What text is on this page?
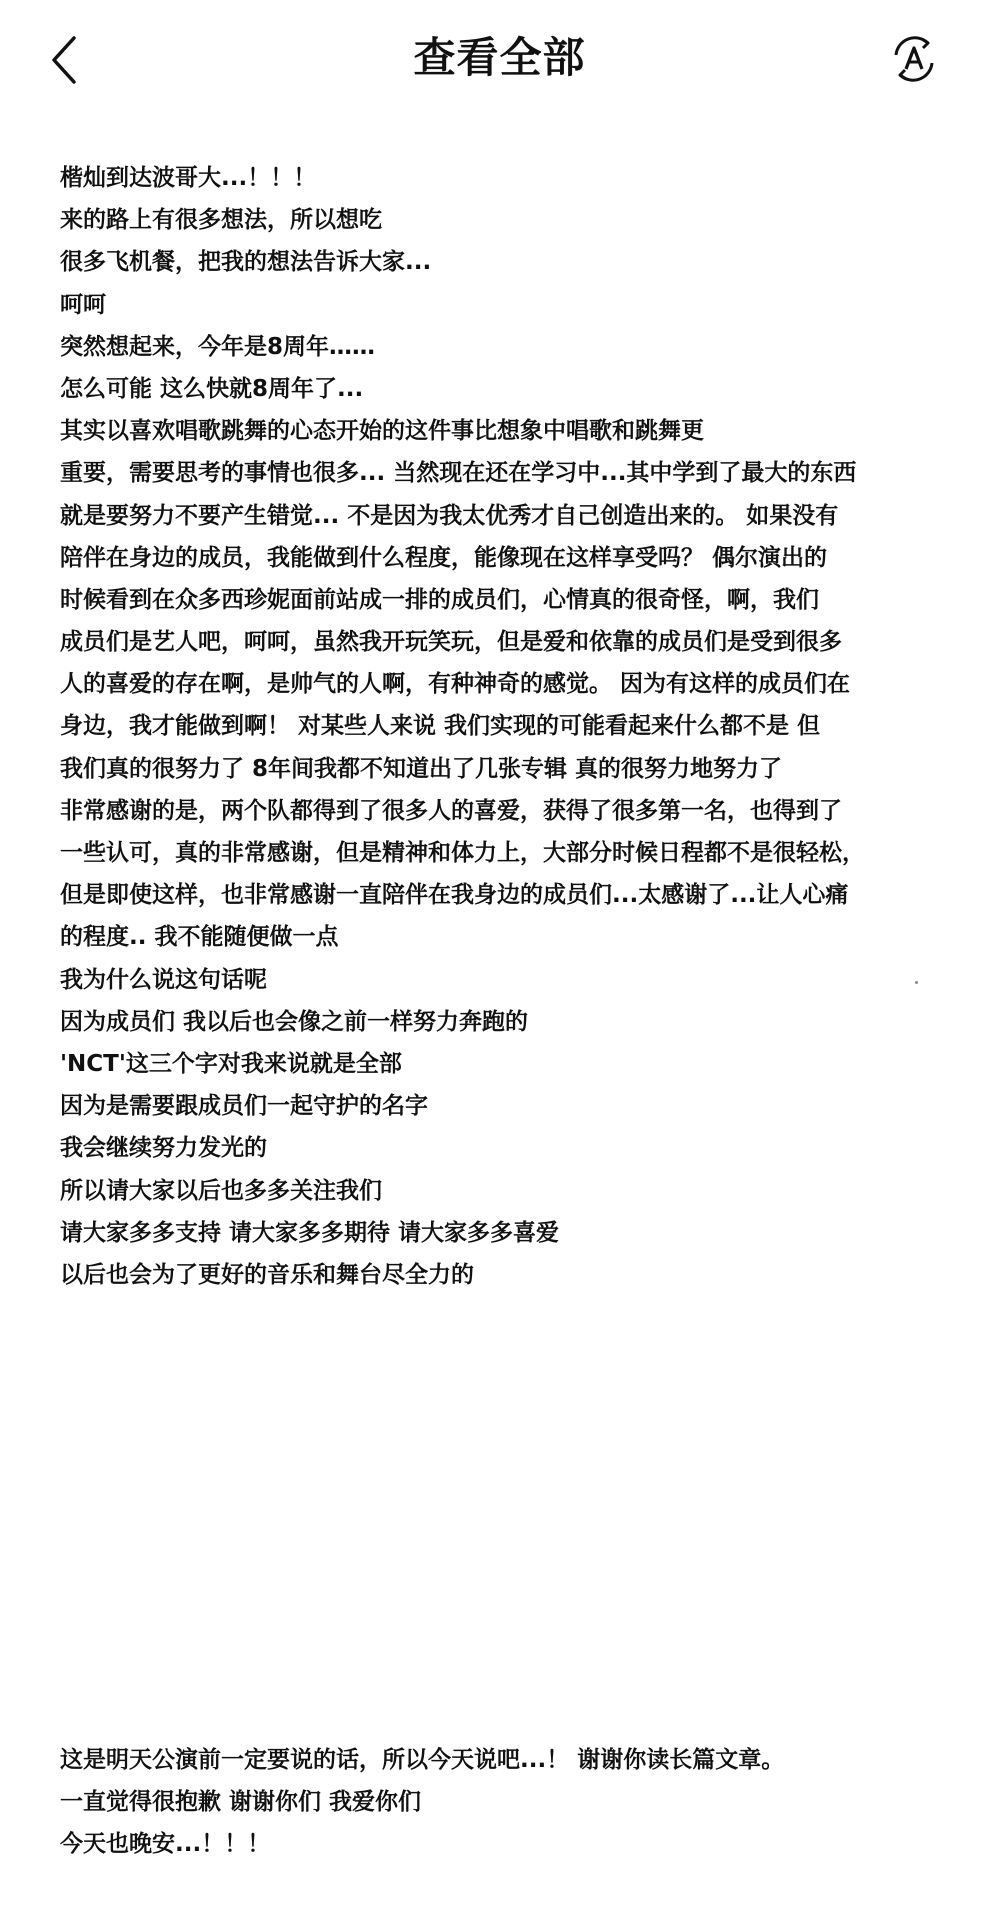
查看全部
楷灿到达波哥大...！！！
来的路上有很多想法，所以想吃
很多飞机餐，把我的想法告诉大家...
呵呵
突然想起来，今年是8周年……
怎么可能 这么快就8周年了...
其实以喜欢唱歌跳舞的心态开始的这件事比想象中唱歌和跳舞更
重要，需要思考的事情也很多... 当然现在还在学习中...其中学到了最大的东西
就是要努力不要产生错觉... 不是因为我太优秀才自己创造出来的。 如果没有
陪伴在身边的成员，我能做到什么程度，能像现在这样享受吗？ 偶尔演出的
时候看到在众多西珍妮面前站成一排的成员们，心情真的很奇怪，啊，我们
成员们是艺人吧，呵呵，虽然我开玩笑玩，但是爱和依靠的成员们是受到很多
人的喜爱的存在啊，是帅气的人啊，有种神奇的感觉。 因为有这样的成员们在
身边，我才能做到啊！ 对某些人来说 我们实现的可能看起来什么都不是 但
我们真的很努力了 8年间我都不知道出了几张专辑 真的很努力地努力了
非常感谢的是，两个队都得到了很多人的喜爱，获得了很多第一名，也得到了
一些认可，真的非常感谢，但是精神和体力上，大部分时候日程都不是很轻松，
但是即使这样，也非常感谢一直陪伴在我身边的成员们...太感谢了...让人心痛
的程度.. 我不能随便做一点
我为什么说这句话呢
因为成员们 我以后也会像之前一样努力奔跑的
'NCT'这三个字对我来说就是全部
因为是需要跟成员们一起守护的名字
我会继续努力发光的
所以请大家以后也多多关注我们
请大家多多支持 请大家多多期待 请大家多多喜爱
以后也会为了更好的音乐和舞台尽全力的
这是明天公演前一定要说的话，所以今天说吧...！ 谢谢你读长篇文章。
一直觉得很抱歉 谢谢你们 我爱你们
今天也晚安...！！！
